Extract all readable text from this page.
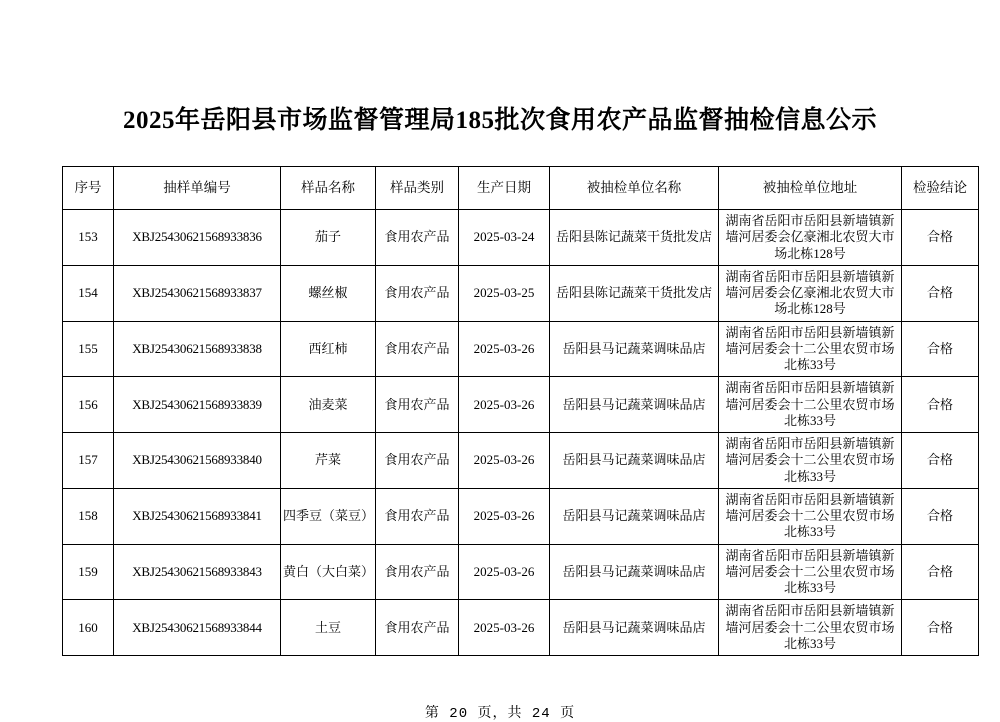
2025年岳阳县市场监督管理局185批次食用农产品监督抽检信息公示
序号	抽样单编号	样品名称	样品类别	生产日期	被抽检单位名称	被抽检单位地址	检验结论
153	XBJ25430621568933836	茄子	食用农产品	2025-03-24	岳阳县陈记蔬菜干货批发店	湖南省岳阳市岳阳县新墙镇新墙河居委会亿豪湘北农贸大市场北栋128号	合格
154	XBJ25430621568933837	螺丝椒	食用农产品	2025-03-25	岳阳县陈记蔬菜干货批发店	湖南省岳阳市岳阳县新墙镇新墙河居委会亿豪湘北农贸大市场北栋128号	合格
155	XBJ25430621568933838	西红柿	食用农产品	2025-03-26	岳阳县马记蔬菜调味品店	湖南省岳阳市岳阳县新墙镇新墙河居委会十二公里农贸市场北栋33号	合格
156	XBJ25430621568933839	油麦菜	食用农产品	2025-03-26	岳阳县马记蔬菜调味品店	湖南省岳阳市岳阳县新墙镇新墙河居委会十二公里农贸市场北栋33号	合格
157	XBJ25430621568933840	芹菜	食用农产品	2025-03-26	岳阳县马记蔬菜调味品店	湖南省岳阳市岳阳县新墙镇新墙河居委会十二公里农贸市场北栋33号	合格
158	XBJ25430621568933841	四季豆（菜豆）	食用农产品	2025-03-26	岳阳县马记蔬菜调味品店	湖南省岳阳市岳阳县新墙镇新墙河居委会十二公里农贸市场北栋33号	合格
159	XBJ25430621568933843	黄白（大白菜）	食用农产品	2025-03-26	岳阳县马记蔬菜调味品店	湖南省岳阳市岳阳县新墙镇新墙河居委会十二公里农贸市场北栋33号	合格
160	XBJ25430621568933844	土豆	食用农产品	2025-03-26	岳阳县马记蔬菜调味品店	湖南省岳阳市岳阳县新墙镇新墙河居委会十二公里农贸市场北栋33号	合格
第 20 页，共 24 页
